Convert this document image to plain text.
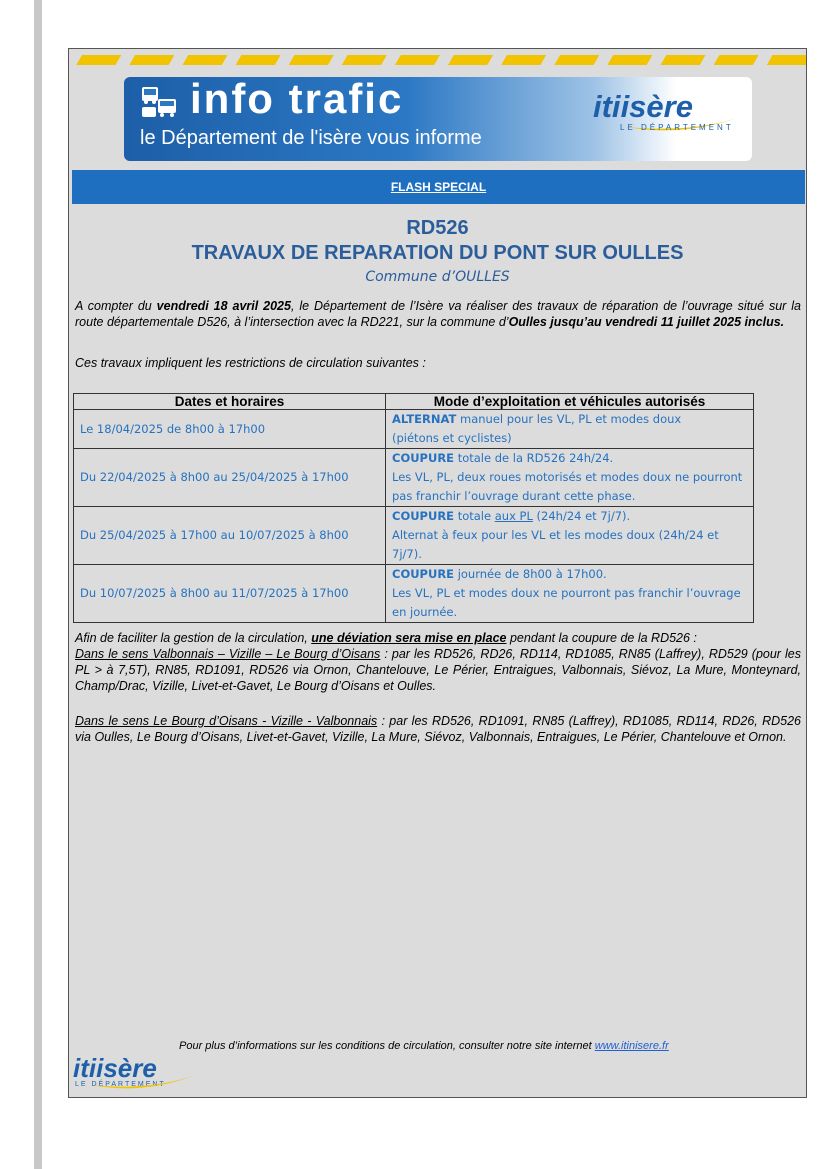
info trafic
le Département de l'isère vous informe
itiisère
LE DÉPARTEMENT
FLASH SPECIAL
RD526
TRAVAUX DE REPARATION DU PONT SUR OULLES
Commune d’OULLES
A compter du vendredi 18 avril 2025, le Département de l’Isère va réaliser des travaux de réparation de l’ouvrage situé sur la route départementale D526, à l’intersection avec la RD221, sur la commune d’Oulles jusqu’au vendredi 11 juillet 2025 inclus.
Ces travaux impliquent les restrictions de circulation suivantes :
Dates et horaires	Mode d’exploitation et véhicules autorisés
Le 18/04/2025 de 8h00 à 17h00	ALTERNAT manuel pour les VL, PL et modes doux
(piétons et cyclistes)
Du 22/04/2025 à 8h00 au 25/04/2025 à 17h00	COUPURE totale de la RD526 24h/24.
Les VL, PL, deux roues motorisés et modes doux ne pourront pas franchir l’ouvrage durant cette phase.
Du 25/04/2025 à 17h00 au 10/07/2025 à 8h00	COUPURE totale aux PL (24h/24 et 7j/7).
Alternat à feux pour les VL et les modes doux (24h/24 et 7j/7).
Du 10/07/2025 à 8h00 au 11/07/2025 à 17h00	COUPURE journée de 8h00 à 17h00.
Les VL, PL et modes doux ne pourront pas franchir l’ouvrage en journée.
Afin de faciliter la gestion de la circulation, une déviation sera mise en place pendant la coupure de la RD526 :
Dans le sens Valbonnais – Vizille – Le Bourg d’Oisans : par les RD526, RD26, RD114, RD1085, RN85 (Laffrey), RD529 (pour les PL > à 7,5T), RN85, RD1091, RD526 via Ornon, Chantelouve, Le Périer, Entraigues, Valbonnais, Siévoz, La Mure, Monteynard, Champ/Drac, Vizille, Livet-et-Gavet, Le Bourg d’Oisans et Oulles.
Dans le sens Le Bourg d’Oisans - Vizille - Valbonnais : par les RD526, RD1091, RN85 (Laffrey), RD1085, RD114, RD26, RD526 via Oulles, Le Bourg d’Oisans, Livet-et-Gavet, Vizille, La Mure, Siévoz, Valbonnais, Entraigues, Le Périer, Chantelouve et Ornon.
Pour plus d’informations sur les conditions de circulation, consulter notre site internet www.itinisere.fr
itiisère
LE DÉPARTEMENT
